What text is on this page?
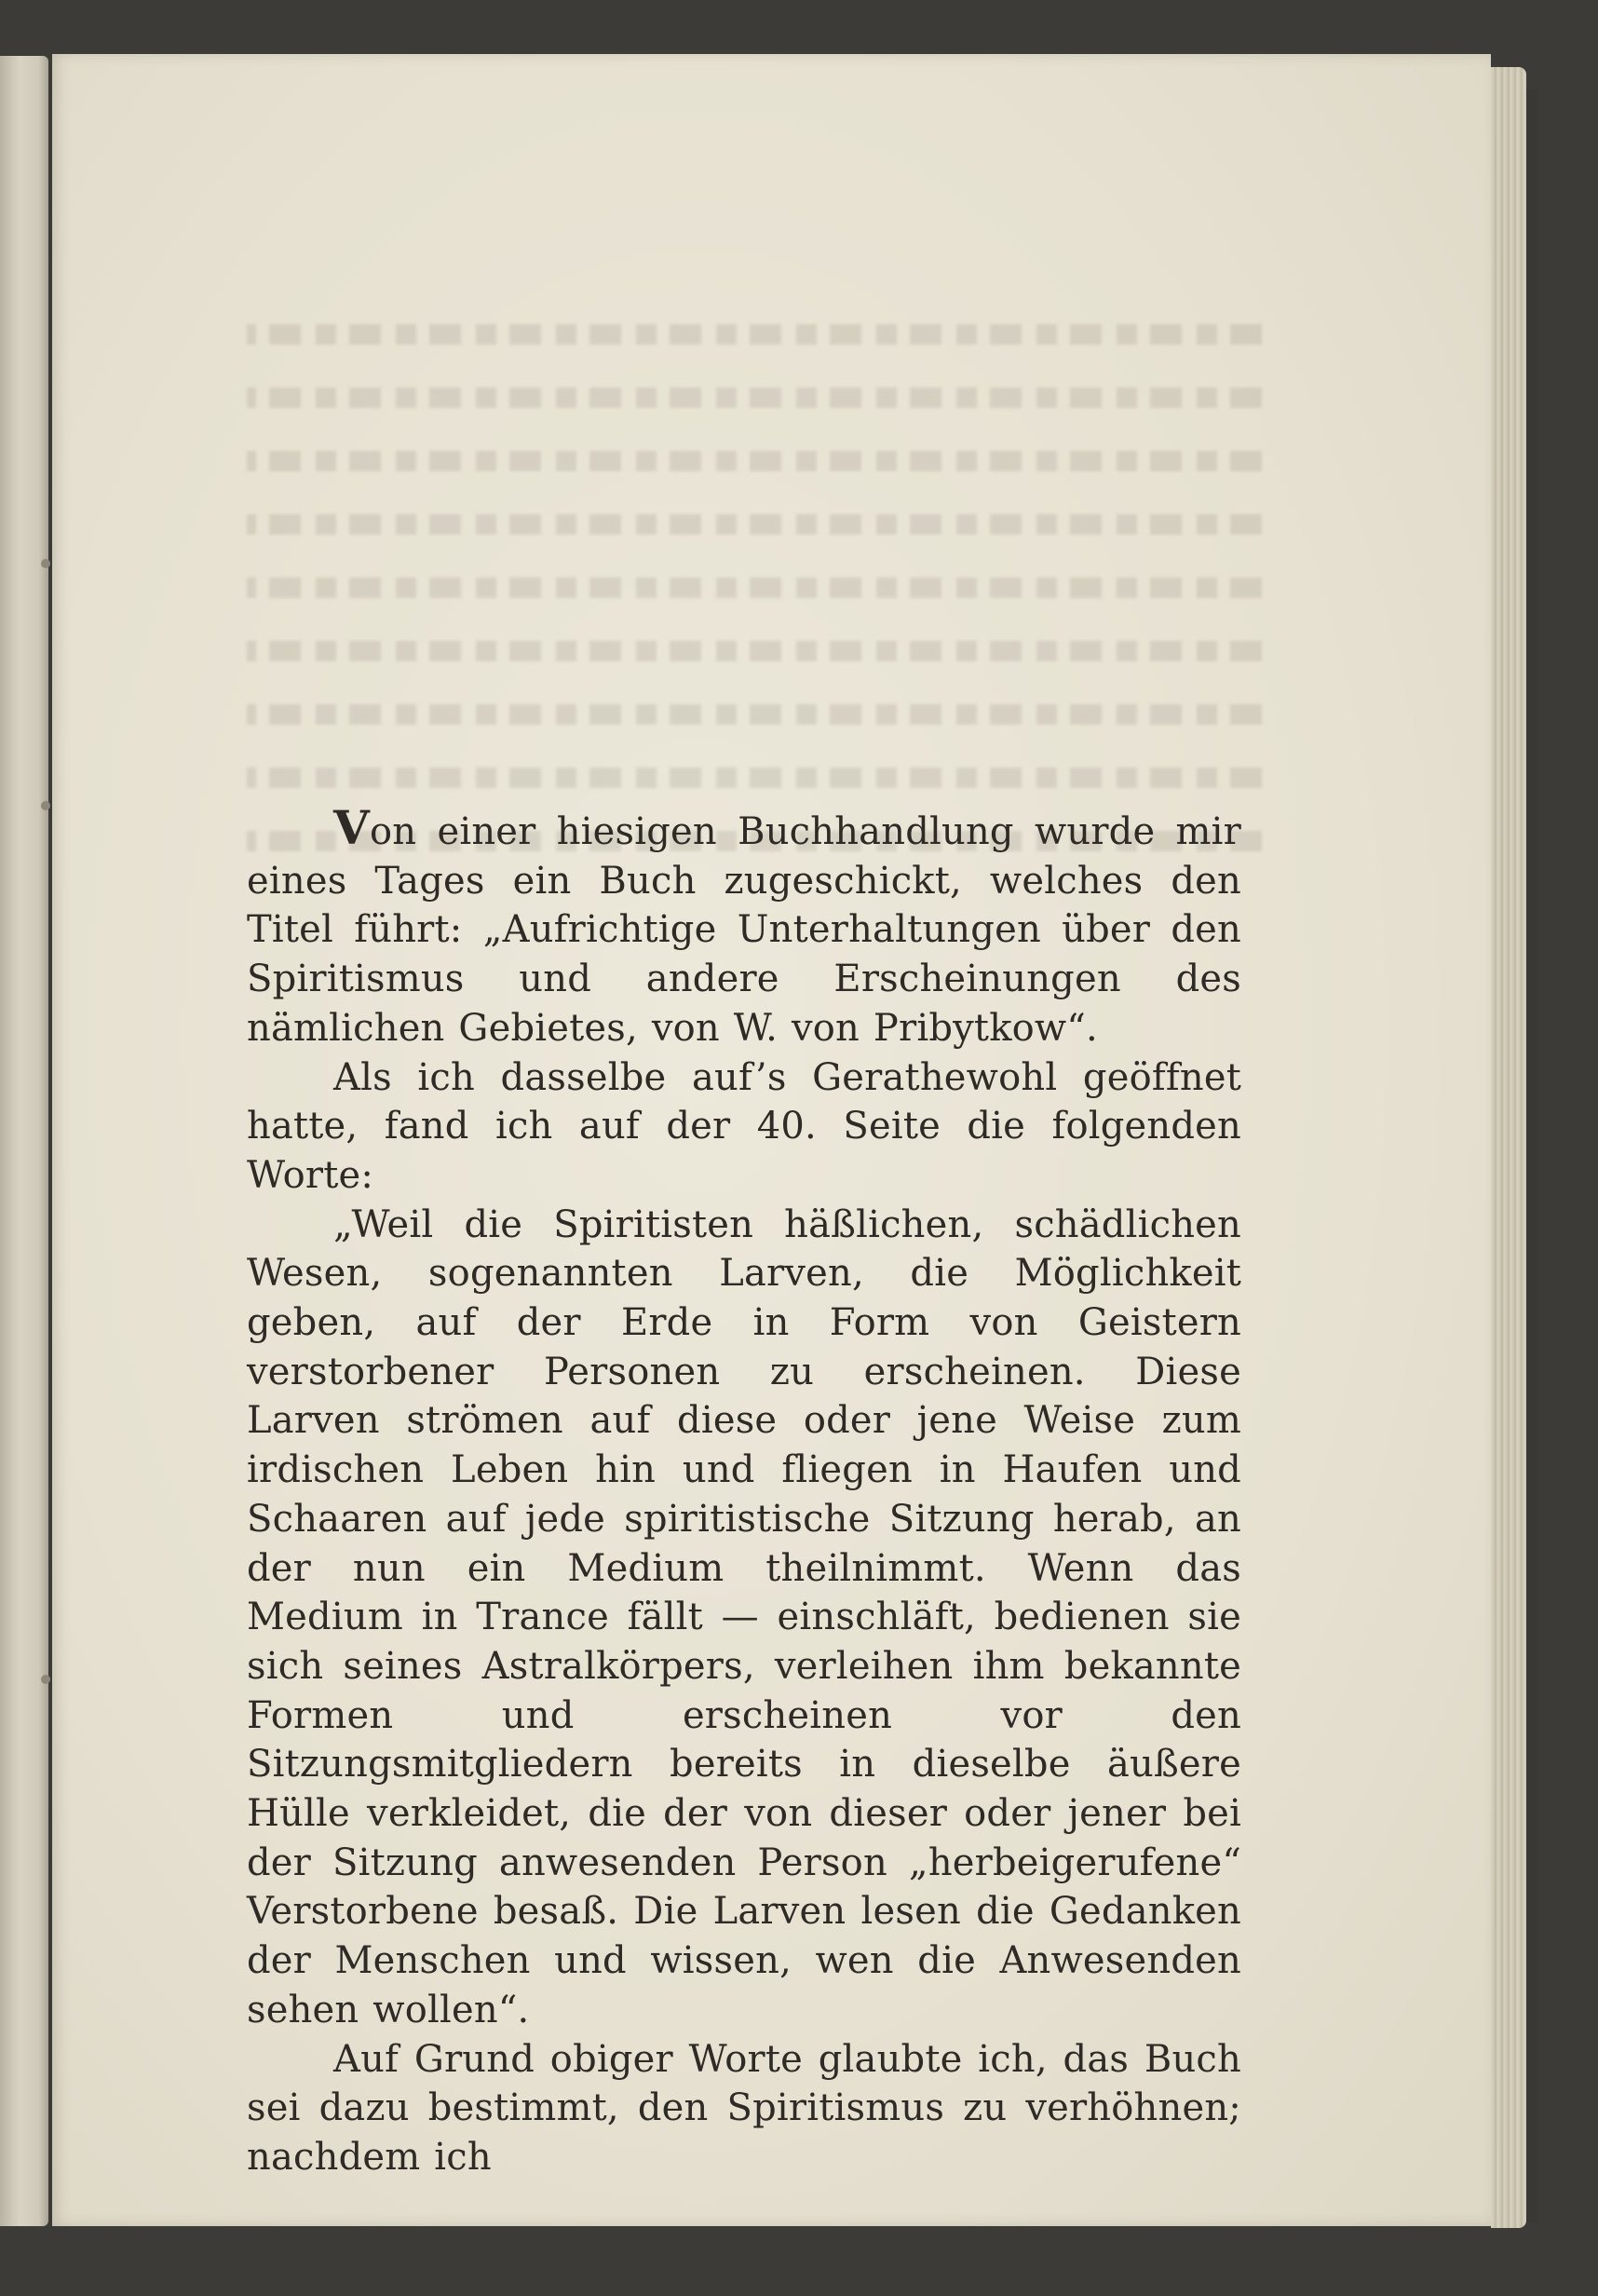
Von einer hiesigen Buchhandlung wurde mir eines Tages ein Buch zugeschickt, welches den Titel führt: „Aufrichtige Unterhaltungen über den Spiritismus und andere Erscheinungen des nämlichen Gebietes, von W. von Pribytkow“.

Als ich dasselbe auf’s Gerathewohl geöffnet hatte, fand ich auf der 40. Seite die folgenden Worte:

„Weil die Spiritisten häßlichen, schädlichen Wesen, sogenannten Larven, die Möglichkeit geben, auf der Erde in Form von Geistern verstorbener Personen zu erscheinen. Diese Larven strömen auf diese oder jene Weise zum irdischen Leben hin und fliegen in Haufen und Schaaren auf jede spiritistische Sitzung herab, an der nun ein Medium theilnimmt. Wenn das Medium in Trance fällt — einschläft, bedienen sie sich seines Astralkörpers, verleihen ihm bekannte Formen und erscheinen vor den Sitzungsmitgliedern bereits in dieselbe äußere Hülle verkleidet, die der von dieser oder jener bei der Sitzung anwesenden Person „herbeigerufene“ Verstorbene besaß. Die Larven lesen die Gedanken der Menschen und wissen, wen die Anwesenden sehen wollen“.

Auf Grund obiger Worte glaubte ich, das Buch sei dazu bestimmt, den Spiritismus zu verhöhnen; nachdem ich
